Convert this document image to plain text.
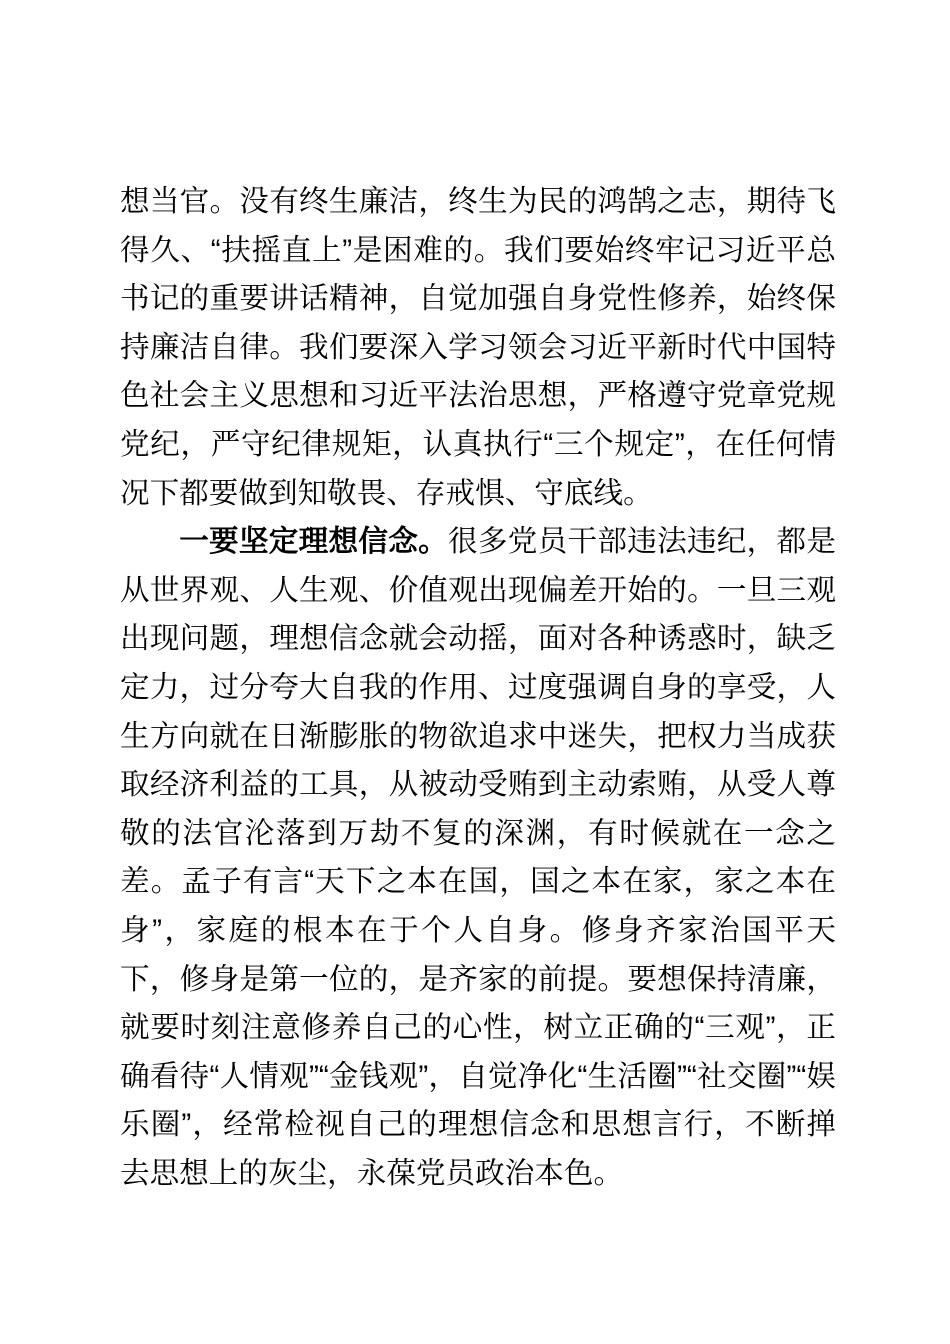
想当官。没有终生廉洁，终生为民的鸿鹄之志，期待飞得久、“扶摇直上”是困难的。我们要始终牢记习近平总书记的重要讲话精神，自觉加强自身党性修养，始终保持廉洁自律。我们要深入学习领会习近平新时代中国特色社会主义思想和习近平法治思想，严格遵守党章党规党纪，严守纪律规矩，认真执行“三个规定”，在任何情况下都要做到知敬畏、存戒惧、守底线。

一要坚定理想信念。很多党员干部违法违纪，都是从世界观、人生观、价值观出现偏差开始的。一旦三观出现问题，理想信念就会动摇，面对各种诱惑时，缺乏定力，过分夸大自我的作用、过度强调自身的享受，人生方向就在日渐膨胀的物欲追求中迷失，把权力当成获取经济利益的工具，从被动受贿到主动索贿，从受人尊敬的法官沦落到万劫不复的深渊，有时候就在一念之差。孟子有言“天下之本在国，国之本在家，家之本在身”，家庭的根本在于个人自身。修身齐家治国平天下，修身是第一位的，是齐家的前提。要想保持清廉，就要时刻注意修养自己的心性，树立正确的“三观”，正确看待“人情观”“金钱观”，自觉净化“生活圈”“社交圈”“娱乐圈”，经常检视自己的理想信念和思想言行，不断掸去思想上的灰尘，永葆党员政治本色。
